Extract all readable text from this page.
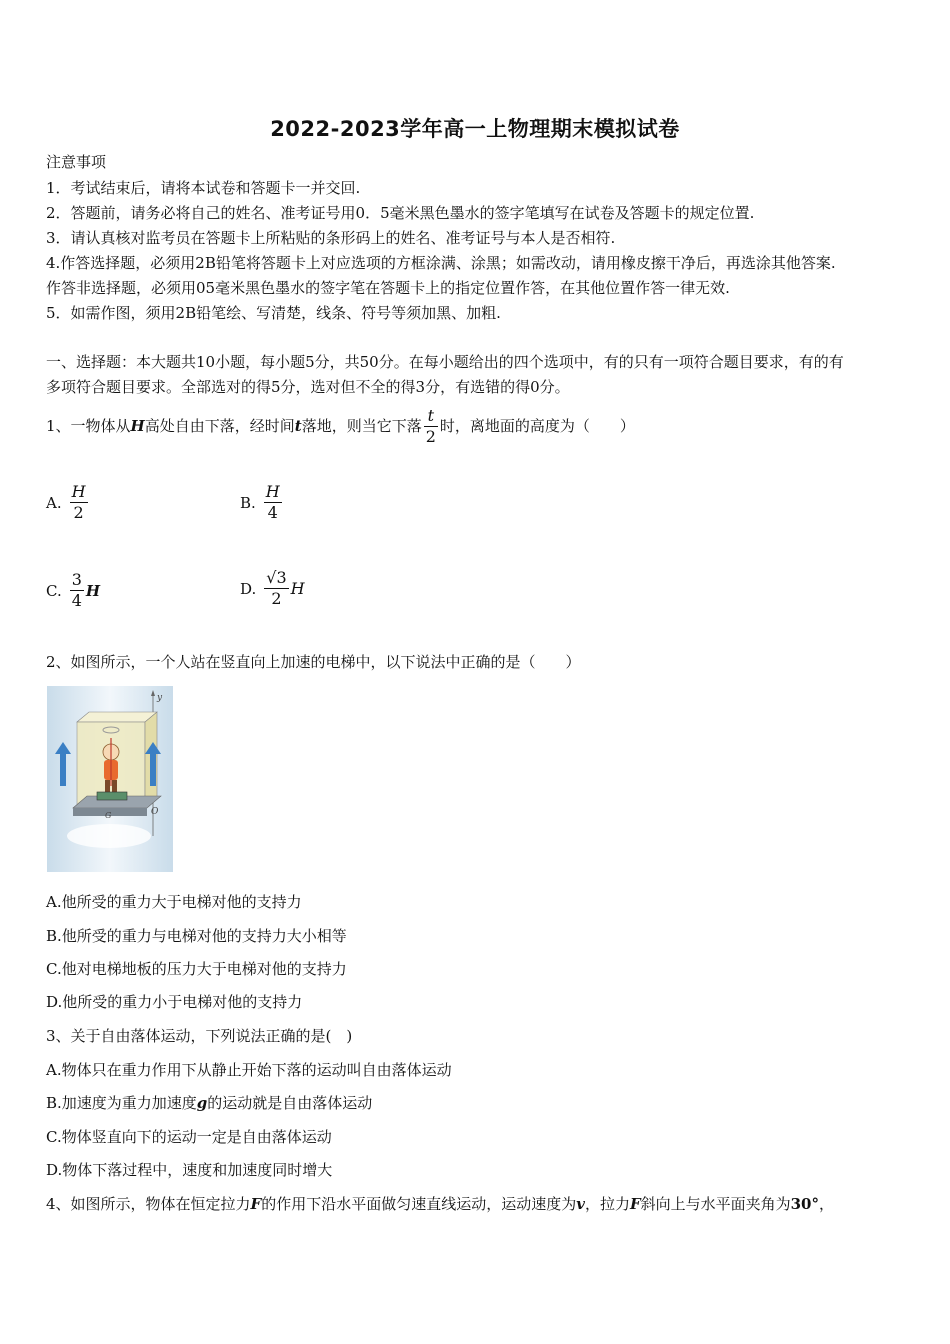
2022-2023学年高一上物理期末模拟试卷
注意事项
1．考试结束后，请将本试卷和答题卡一并交回.
2．答题前，请务必将自己的姓名、准考证号用0．5毫米黑色墨水的签字笔填写在试卷及答题卡的规定位置.
3．请认真核对监考员在答题卡上所粘贴的条形码上的姓名、准考证号与本人是否相符.
4.作答选择题，必须用2B铅笔将答题卡上对应选项的方框涂满、涂黑；如需改动，请用橡皮擦干净后，再选涂其他答案.
作答非选择题，必须用05毫米黑色墨水的签字笔在答题卡上的指定位置作答，在其他位置作答一律无效.
5．如需作图，须用2B铅笔绘、写清楚，线条、符号等须加黑、加粗.
一、选择题：本大题共10小题，每小题5分，共50分。在每小题给出的四个选项中，有的只有一项符合题目要求，有的有
多项符合题目要求。全部选对的得5分，选对但不全的得3分，有选错的得0分。
1、一物体从 H 高处自由下落，经时间 t 落地，则当它下落 $\frac{t}{2}$ 时，离地面的高度为（　　）
A. $\frac{H}{2}$	B. $\frac{H}{4}$
C. $\frac{3}{4}$ H	D. $\frac{√3}{2}$ H
2、如图所示，一个人站在竖直向上加速的电梯中，以下说法中正确的是（　　）
y
O
G
A.他所受的重力大于电梯对他的支持力
B.他所受的重力与电梯对他的支持力大小相等
C.他对电梯地板的压力大于电梯对他的支持力
D.他所受的重力小于电梯对他的支持力
3、关于自由落体运动，下列说法正确的是(　)
A.物体只在重力作用下从静止开始下落的运动叫自由落体运动
B.加速度为重力加速度g的运动就是自由落体运动
C.物体竖直向下的运动一定是自由落体运动
D.物体下落过程中，速度和加速度同时增大
4、如图所示，物体在恒定拉力F的作用下沿水平面做匀速直线运动，运动速度为v，拉力F斜向上与水平面夹角为30°，
